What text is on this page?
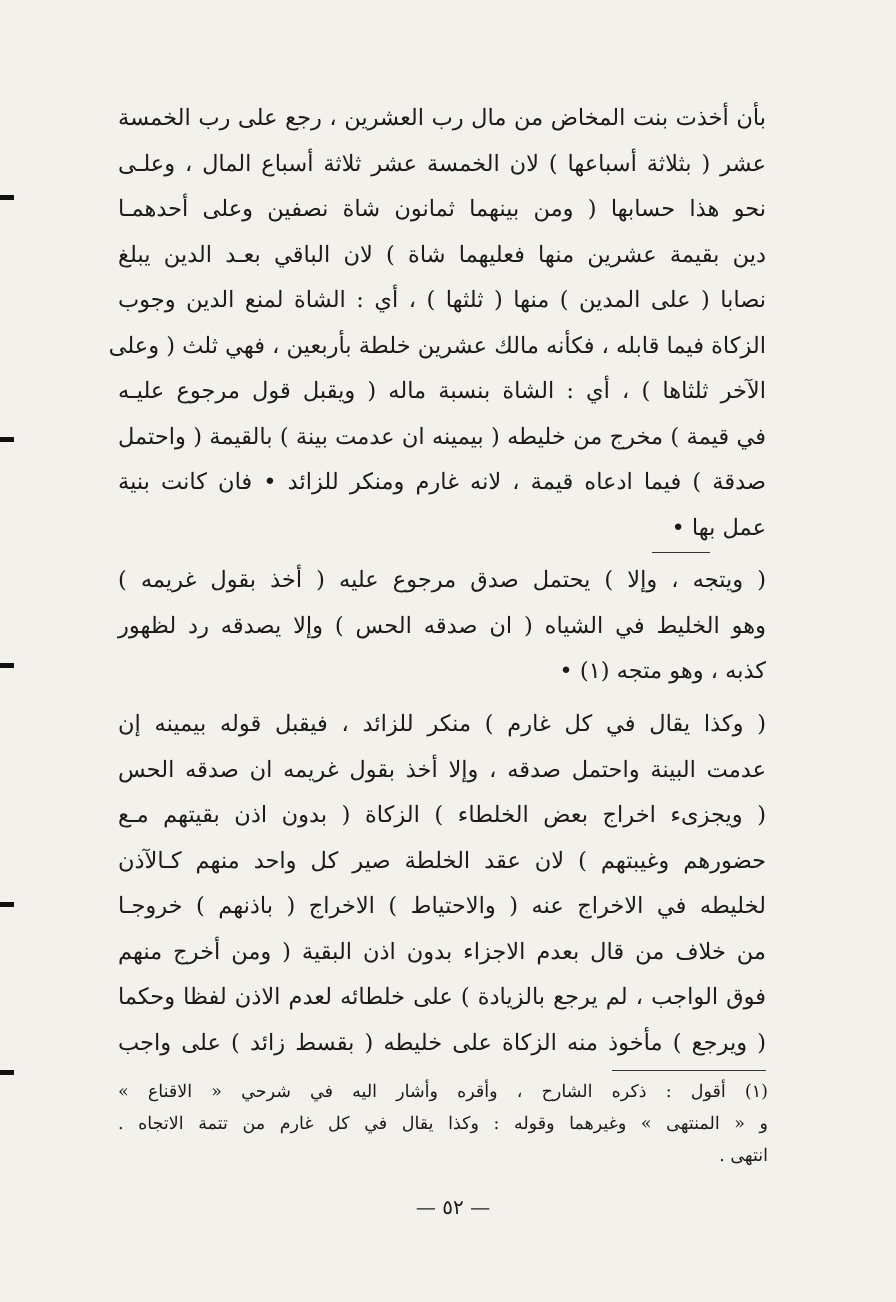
بأن أخذت بنت المخاض من مال رب العشرين ، رجع على رب الخمسة
عشر ( بثلاثة أسباعها ) لان الخمسة عشر ثلاثة أسباع المال ، وعلـى
نحو هذا حسابها ( ومن بينهما ثمانون شاة نصفين وعلى أحدهمـا
دين بقيمة عشرين منها فعليهما شاة ) لان الباقي بعـد الدين يبلغ
نصابا ( على المدين ) منها ( ثلثها ) ، أي : الشاة لمنع الدين وجوب
الزكاة فيما قابله ، فكأنه مالك عشرين خلطة بأربعين ، فهي ثلث ( وعلى
الآخر ثلثاها ) ، أي : الشاة بنسبة ماله ( ويقبل قول مرجوع عليـه
في قيمة ) مخرج من خليطه ( بيمينه ان عدمت بينة ) بالقيمة ( واحتمل
صدقة ) فيما ادعاه قيمة ، لانه غارم ومنكر للزائد • فان كانت بنية
عمل بها •
( ويتجه ، وإلا ) يحتمل صدق مرجوع عليه ( أخذ بقول غريمه )
وهو الخليط في الشياه ( ان صدقه الحس ) وإلا يصدقه رد لظهور
كذبه ، وهو متجه (١) •
( وكذا يقال في كل غارم ) منكر للزائد ، فيقبل قوله بيمينه إن
عدمت البينة واحتمل صدقه ، وإلا أخذ بقول غريمه ان صدقه الحس
( ويجزىء اخراج بعض الخلطاء ) الزكاة ( بدون اذن بقيتهم مـع
حضورهم وغيبتهم ) لان عقد الخلطة صير كل واحد منهم كـالآذن
لخليطه في الاخراج عنه ( والاحتياط ) الاخراج ( باذنهم ) خروجـا
من خلاف من قال بعدم الاجزاء بدون اذن البقية ( ومن أخرج منهم
فوق الواجب ، لم يرجع بالزيادة ) على خلطائه لعدم الاذن لفظا وحكما
( ويرجع ) مأخوذ منه الزكاة على خليطه ( بقسط زائد ) على واجب
(١) أقول : ذكره الشارح ، وأقره وأشار اليه في شرحي « الاقناع »
و « المنتهى » وغيرهما وقوله : وكذا يقال في كل غارم من تتمة الاتجاه .
انتهى .
— ٥٢ —
